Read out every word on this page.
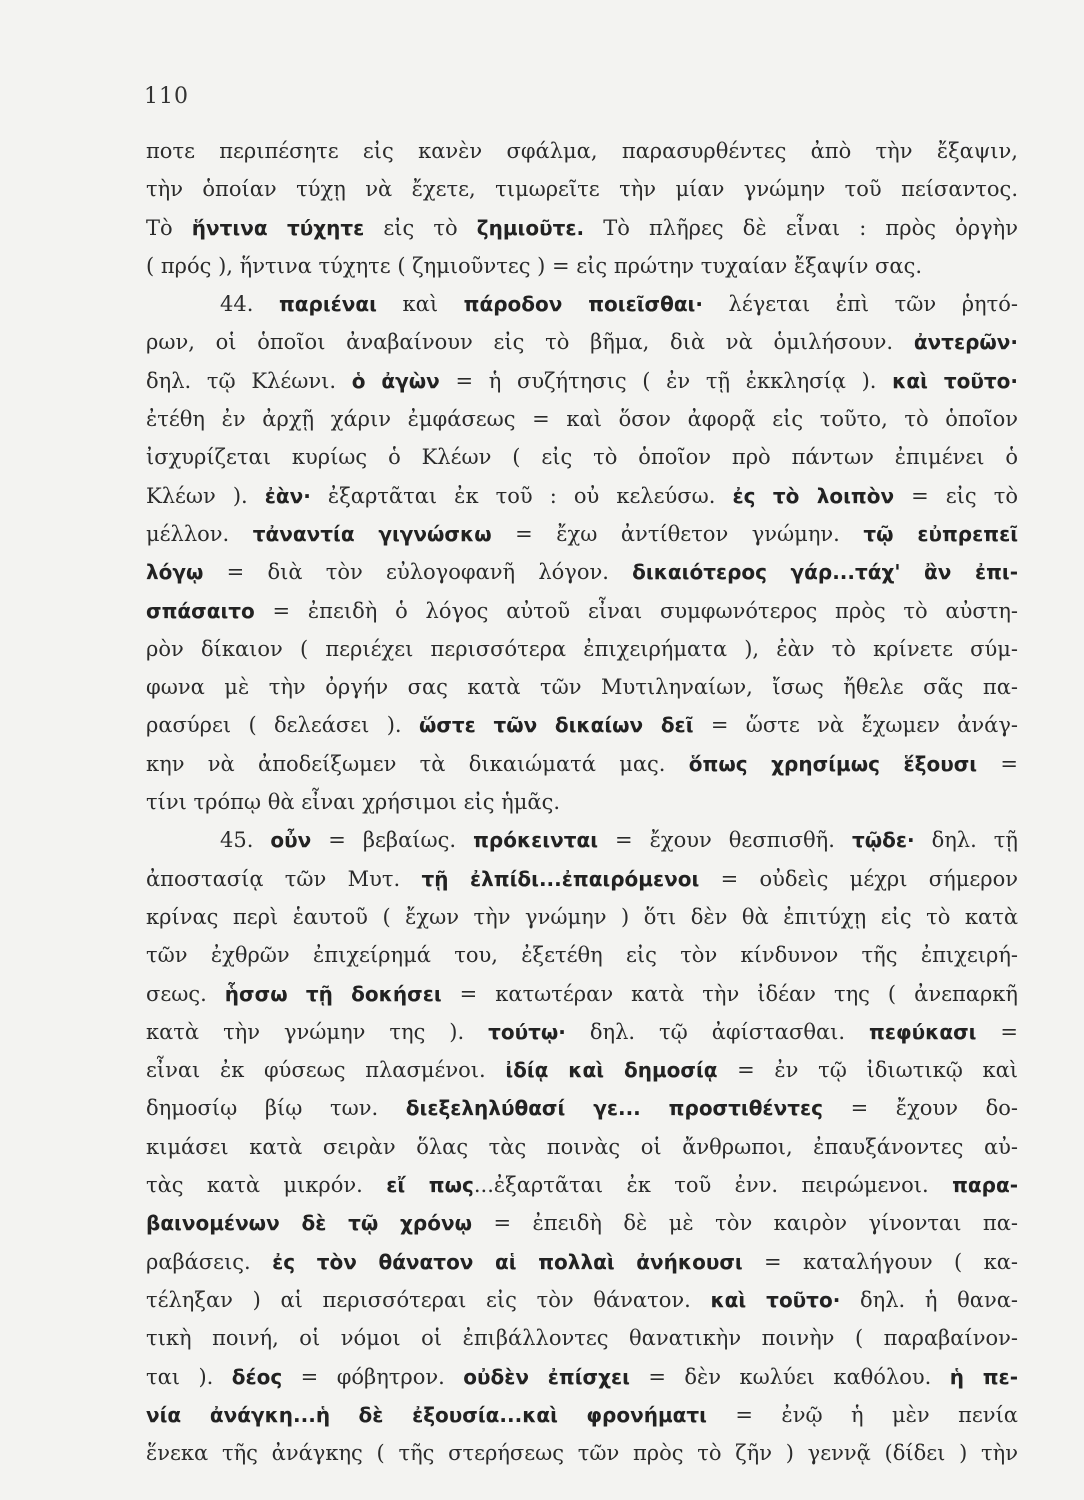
110
ποτε περιπέσητε εἰς κανὲν σφάλμα, παρασυρθέντες ἀπὸ τὴν ἔξαψιν,
τὴν ὁποίαν τύχῃ νὰ ἔχετε, τιμωρεῖτε τὴν μίαν γνώμην τοῦ πείσαντος.
Τὸ ἥντινα τύχητε εἰς τὸ ζημιοῦτε. Τὸ πλῆρες δὲ εἶναι : πρὸς ὀργὴν
( πρός ), ἥντινα τύχητε ( ζημιοῦντες ) = εἰς πρώτην τυχαίαν ἔξαψίν σας.
44. παριέναι καὶ πάροδον ποιεῖσθαι· λέγεται ἐπὶ τῶν ῥητό-
ρων, οἱ ὁποῖοι ἀναβαίνουν εἰς τὸ βῆμα, διὰ νὰ ὁμιλήσουν. ἀντερῶν·
δηλ. τῷ Κλέωνι. ὁ ἀγὼν = ἡ συζήτησις ( ἐν τῇ ἐκκλησίᾳ ). καὶ τοῦτο·
ἐτέθη ἐν ἀρχῇ χάριν ἐμφάσεως = καὶ ὅσον ἀφορᾷ εἰς τοῦτο, τὸ ὁποῖον
ἰσχυρίζεται κυρίως ὁ Κλέων ( εἰς τὸ ὁποῖον πρὸ πάντων ἐπιμένει ὁ
Κλέων ). ἐὰν· ἐξαρτᾶται ἐκ τοῦ : οὐ κελεύσω. ἐς τὸ λοιπὸν = εἰς τὸ
μέλλον. τἀναντία γιγνώσκω = ἔχω ἀντίθετον γνώμην. τῷ εὐπρεπεῖ
λόγῳ = διὰ τὸν εὐλογοφανῆ λόγον. δικαιότερος γάρ...τάχ' ἂν ἐπι-
σπάσαιτο = ἐπειδὴ ὁ λόγος αὐτοῦ εἶναι συμφωνότερος πρὸς τὸ αὐστη-
ρὸν δίκαιον ( περιέχει περισσότερα ἐπιχειρήματα ), ἐὰν τὸ κρίνετε σύμ-
φωνα μὲ τὴν ὀργήν σας κατὰ τῶν Μυτιληναίων, ἴσως ἤθελε σᾶς πα-
ρασύρει ( δελεάσει ). ὥστε τῶν δικαίων δεῖ = ὥστε νὰ ἔχωμεν ἀνάγ-
κην νὰ ἀποδείξωμεν τὰ δικαιώματά μας. ὅπως χρησίμως ἕξουσι =
τίνι τρόπῳ θὰ εἶναι χρήσιμοι εἰς ἡμᾶς.
45. οὖν = βεβαίως. πρόκεινται = ἔχουν θεσπισθῆ. τῷδε· δηλ. τῇ
ἀποστασίᾳ τῶν Μυτ. τῇ ἐλπίδι...ἐπαιρόμενοι = οὐδεὶς μέχρι σήμερον
κρίνας περὶ ἑαυτοῦ ( ἔχων τὴν γνώμην ) ὅτι δὲν θὰ ἐπιτύχῃ εἰς τὸ κατὰ
τῶν ἐχθρῶν ἐπιχείρημά του, ἐξετέθη εἰς τὸν κίνδυνον τῆς ἐπιχειρή-
σεως. ἧσσω τῇ δοκήσει = κατωτέραν κατὰ τὴν ἰδέαν της ( ἀνεπαρκῆ
κατὰ τὴν γνώμην της ). τούτῳ· δηλ. τῷ ἀφίστασθαι. πεφύκασι =
εἶναι ἐκ φύσεως πλασμένοι. ἰδίᾳ καὶ δημοσίᾳ = ἐν τῷ ἰδιωτικῷ καὶ
δημοσίῳ βίῳ των. διεξεληλύθασί γε... προστιθέντες = ἔχουν δο-
κιμάσει κατὰ σειρὰν ὅλας τὰς ποινὰς οἱ ἄνθρωποι, ἐπαυξάνοντες αὐ-
τὰς κατὰ μικρόν. εἴ πως...ἐξαρτᾶται ἐκ τοῦ ἐνν. πειρώμενοι. παρα-
βαινομένων δὲ τῷ χρόνῳ = ἐπειδὴ δὲ μὲ τὸν καιρὸν γίνονται πα-
ραβάσεις. ἐς τὸν θάνατον αἱ πολλαὶ ἀνήκουσι = καταλήγουν ( κα-
τέληξαν ) αἱ περισσότεραι εἰς τὸν θάνατον. καὶ τοῦτο· δηλ. ἡ θανα-
τικὴ ποινή, οἱ νόμοι οἱ ἐπιβάλλοντες θανατικὴν ποινὴν ( παραβαίνον-
ται ). δέος = φόβητρον. οὐδὲν ἐπίσχει = δὲν κωλύει καθόλου. ἡ πε-
νία ἀνάγκη...ἡ δὲ ἐξουσία...καὶ φρονήματι = ἐνῷ ἡ μὲν πενία
ἕνεκα τῆς ἀνάγκης ( τῆς στερήσεως τῶν πρὸς τὸ ζῆν ) γεννᾷ (δίδει ) τὴν
